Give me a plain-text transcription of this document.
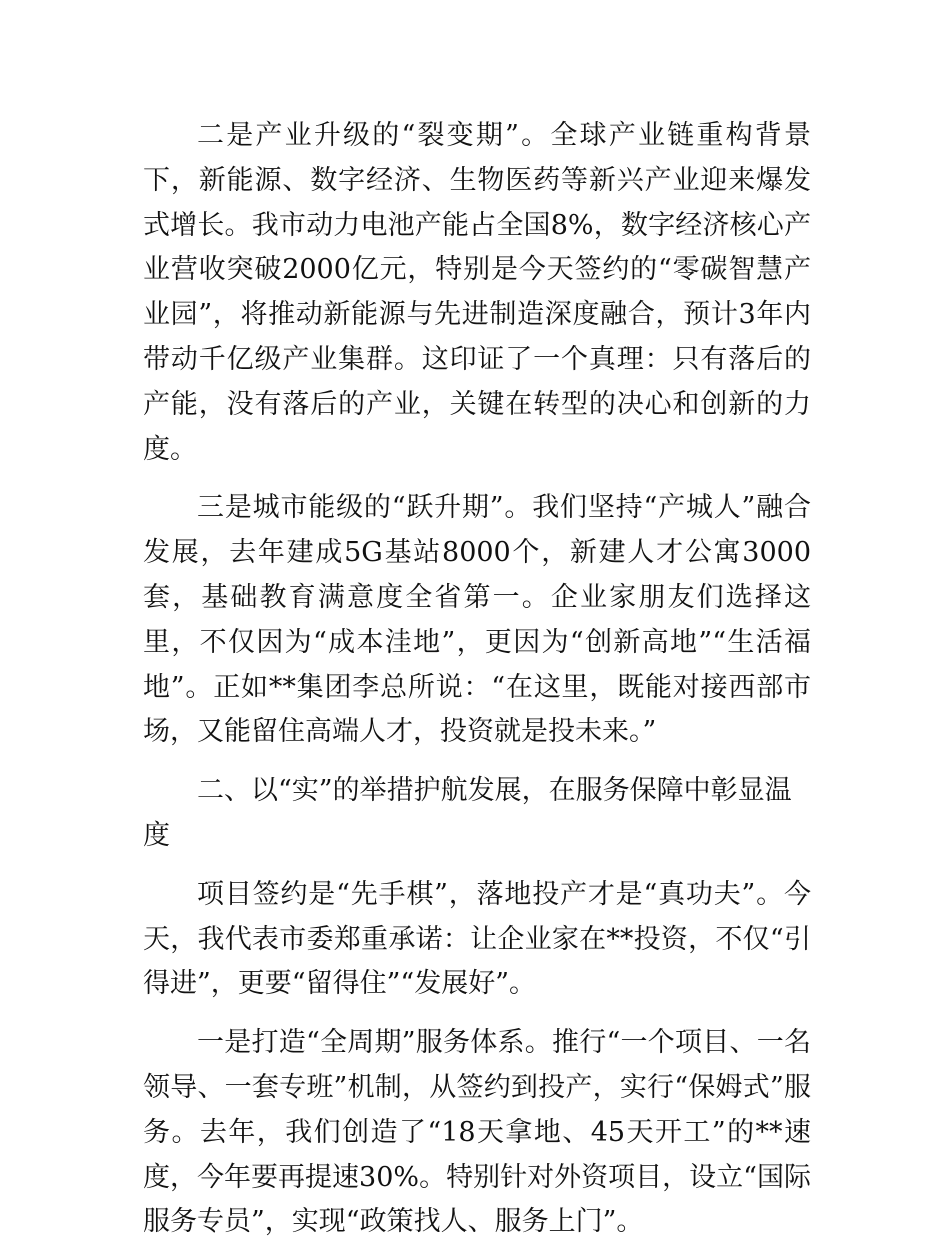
二是产业升级的“裂变期”。全球产业链重构背景下，新能源、数字经济、生物医药等新兴产业迎来爆发式增长。我市动力电池产能占全国8%，数字经济核心产业营收突破2000亿元，特别是今天签约的“零碳智慧产业园”，将推动新能源与先进制造深度融合，预计3年内带动千亿级产业集群。这印证了一个真理：只有落后的产能，没有落后的产业，关键在转型的决心和创新的力度。

三是城市能级的“跃升期”。我们坚持“产城人”融合发展，去年建成5G基站8000个，新建人才公寓3000套，基础教育满意度全省第一。企业家朋友们选择这里，不仅因为“成本洼地”，更因为“创新高地”“生活福地”。正如**集团李总所说：“在这里，既能对接西部市场，又能留住高端人才，投资就是投未来。”

二、以“实”的举措护航发展，在服务保障中彰显温度

项目签约是“先手棋”，落地投产才是“真功夫”。今天，我代表市委郑重承诺：让企业家在**投资，不仅“引得进”，更要“留得住”“发展好”。

一是打造“全周期”服务体系。推行“一个项目、一名领导、一套专班”机制，从签约到投产，实行“保姆式”服务。去年，我们创造了“18天拿地、45天开工”的**速度，今年要再提速30%。特别针对外资项目，设立“国际服务专员”，实现“政策找人、服务上门”。
